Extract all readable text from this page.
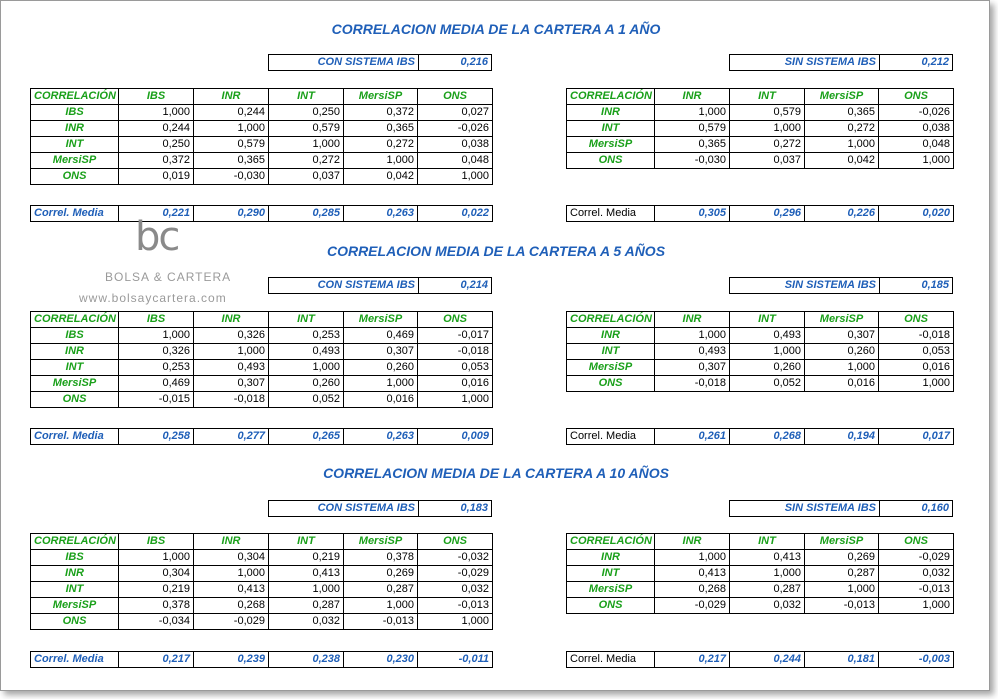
CORRELACION MEDIA DE LA CARTERA A 1 AÑO
CON SISTEMA IBS	0,216	SIN SISTEMA IBS	0,212
CORRELACIÓN	IBS	INR	INT	MersiSP	ONS
IBS	1,000	0,244	0,250	0,372	0,027
INR	0,244	1,000	0,579	0,365	-0,026
INT	0,250	0,579	1,000	0,272	0,038
MersiSP	0,372	0,365	0,272	1,000	0,048
ONS	0,019	-0,030	0,037	0,042	1,000
CORRELACIÓN	INR	INT	MersiSP	ONS
INR	1,000	0,579	0,365	-0,026
INT	0,579	1,000	0,272	0,038
MersiSP	0,365	0,272	1,000	0,048
ONS	-0,030	0,037	0,042	1,000
Correl. Media	0,221	0,290	0,285	0,263	0,022	Correl. Media	0,305	0,296	0,226	0,020
bc
BOLSA & CARTERA
www.bolsaycartera.com
CORRELACION MEDIA DE LA CARTERA A 5 AÑOS
CON SISTEMA IBS	0,214	SIN SISTEMA IBS	0,185
CORRELACIÓN	IBS	INR	INT	MersiSP	ONS
IBS	1,000	0,326	0,253	0,469	-0,017
INR	0,326	1,000	0,493	0,307	-0,018
INT	0,253	0,493	1,000	0,260	0,053
MersiSP	0,469	0,307	0,260	1,000	0,016
ONS	-0,015	-0,018	0,052	0,016	1,000
CORRELACIÓN	INR	INT	MersiSP	ONS
INR	1,000	0,493	0,307	-0,018
INT	0,493	1,000	0,260	0,053
MersiSP	0,307	0,260	1,000	0,016
ONS	-0,018	0,052	0,016	1,000
Correl. Media	0,258	0,277	0,265	0,263	0,009	Correl. Media	0,261	0,268	0,194	0,017
CORRELACION MEDIA DE LA CARTERA A 10 AÑOS
CON SISTEMA IBS	0,183	SIN SISTEMA IBS	0,160
CORRELACIÓN	IBS	INR	INT	MersiSP	ONS
IBS	1,000	0,304	0,219	0,378	-0,032
INR	0,304	1,000	0,413	0,269	-0,029
INT	0,219	0,413	1,000	0,287	0,032
MersiSP	0,378	0,268	0,287	1,000	-0,013
ONS	-0,034	-0,029	0,032	-0,013	1,000
CORRELACIÓN	INR	INT	MersiSP	ONS
INR	1,000	0,413	0,269	-0,029
INT	0,413	1,000	0,287	0,032
MersiSP	0,268	0,287	1,000	-0,013
ONS	-0,029	0,032	-0,013	1,000
Correl. Media	0,217	0,239	0,238	0,230	-0,011	Correl. Media	0,217	0,244	0,181	-0,003
